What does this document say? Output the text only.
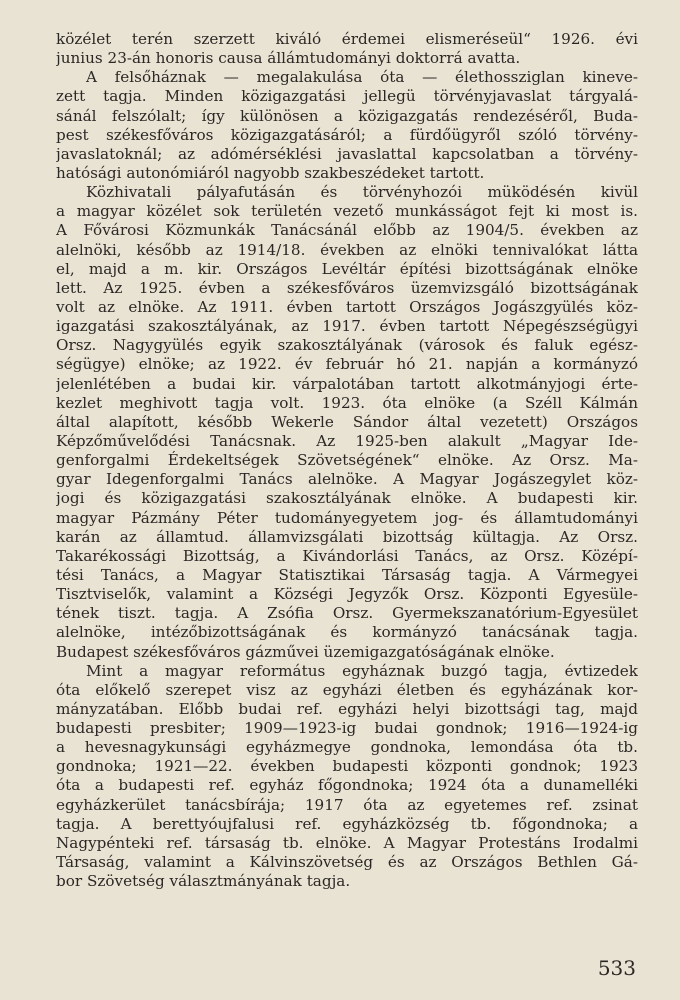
közélet terén szerzett kiváló érdemei elismeréseül“ 1926. évi
junius 23-án honoris causa állámtudományi doktorrá avatta.
A felsőháznak — megalakulása óta — élethossziglan kineve-
zett tagja. Minden közigazgatási jellegü törvényjavaslat tárgyalá-
sánál felszólalt; így különösen a közigazgatás rendezéséről, Buda-
pest székesfőváros közigazgatásáról; a fürdőügyről szóló törvény-
javaslatoknál; az adómérséklési javaslattal kapcsolatban a törvény-
hatósági autonómiáról nagyobb szakbeszédeket tartott.
Közhivatali pályafutásán és törvényhozói müködésén kivül
a magyar közélet sok területén vezető munkásságot fejt ki most is.
A Fővárosi Közmunkák Tanácsánál előbb az 1904/5. években az
alelnöki, később az 1914/18. években az elnöki tennivalókat látta
el, majd a m. kir. Országos Levéltár építési bizottságának elnöke
lett. Az 1925. évben a székesfőváros üzemvizsgáló bizottságának
volt az elnöke. Az 1911. évben tartott Országos Jogászgyülés köz-
igazgatási szakosztályának, az 1917. évben tartott Népegészségügyi
Orsz. Nagygyülés egyik szakosztályának (városok és faluk egész-
ségügye) elnöke; az 1922. év február hó 21. napján a kormányzó
jelenlétében a budai kir. várpalotában tartott alkotmányjogi érte-
kezlet meghivott tagja volt. 1923. óta elnöke (a Széll Kálmán
által alapított, később Wekerle Sándor által vezetett) Országos
Képzőművelődési Tanácsnak. Az 1925-ben alakult „Magyar Ide-
genforgalmi Érdekeltségek Szövetségének“ elnöke. Az Orsz. Ma-
gyar Idegenforgalmi Tanács alelnöke. A Magyar Jogászegylet köz-
jogi és közigazgatási szakosztályának elnöke. A budapesti kir.
magyar Pázmány Péter tudományegyetem jog- és államtudományi
karán az államtud. államvizsgálati bizottság kültagja. Az Orsz.
Takarékossági Bizottság, a Kivándorlási Tanács, az Orsz. Középí-
tési Tanács, a Magyar Statisztikai Társaság tagja. A Vármegyei
Tisztviselők, valamint a Községi Jegyzők Orsz. Központi Egyesüle-
tének tiszt. tagja. A Zsófia Orsz. Gyermekszanatórium-Egyesület
alelnöke, intézőbizottságának és kormányzó tanácsának tagja.
Budapest székesfőváros gázművei üzemigazgatóságának elnöke.
Mint a magyar református egyháznak buzgó tagja, évtizedek
óta előkelő szerepet visz az egyházi életben és egyházának kor-
mányzatában. Előbb budai ref. egyházi helyi bizottsági tag, majd
budapesti presbiter; 1909—1923-ig budai gondnok; 1916—1924-ig
a hevesnagykunsági egyházmegye gondnoka, lemondása óta tb.
gondnoka; 1921—22. években budapesti központi gondnok; 1923
óta a budapesti ref. egyház főgondnoka; 1924 óta a dunamelléki
egyházkerület tanácsbírája; 1917 óta az egyetemes ref. zsinat
tagja. A berettyóujfalusi ref. egyházközség tb. főgondnoka; a
Nagypénteki ref. társaság tb. elnöke. A Magyar Protestáns Irodalmi
Társaság, valamint a Kálvinszövetség és az Országos Bethlen Gá-
bor Szövetség választmányának tagja.
533
